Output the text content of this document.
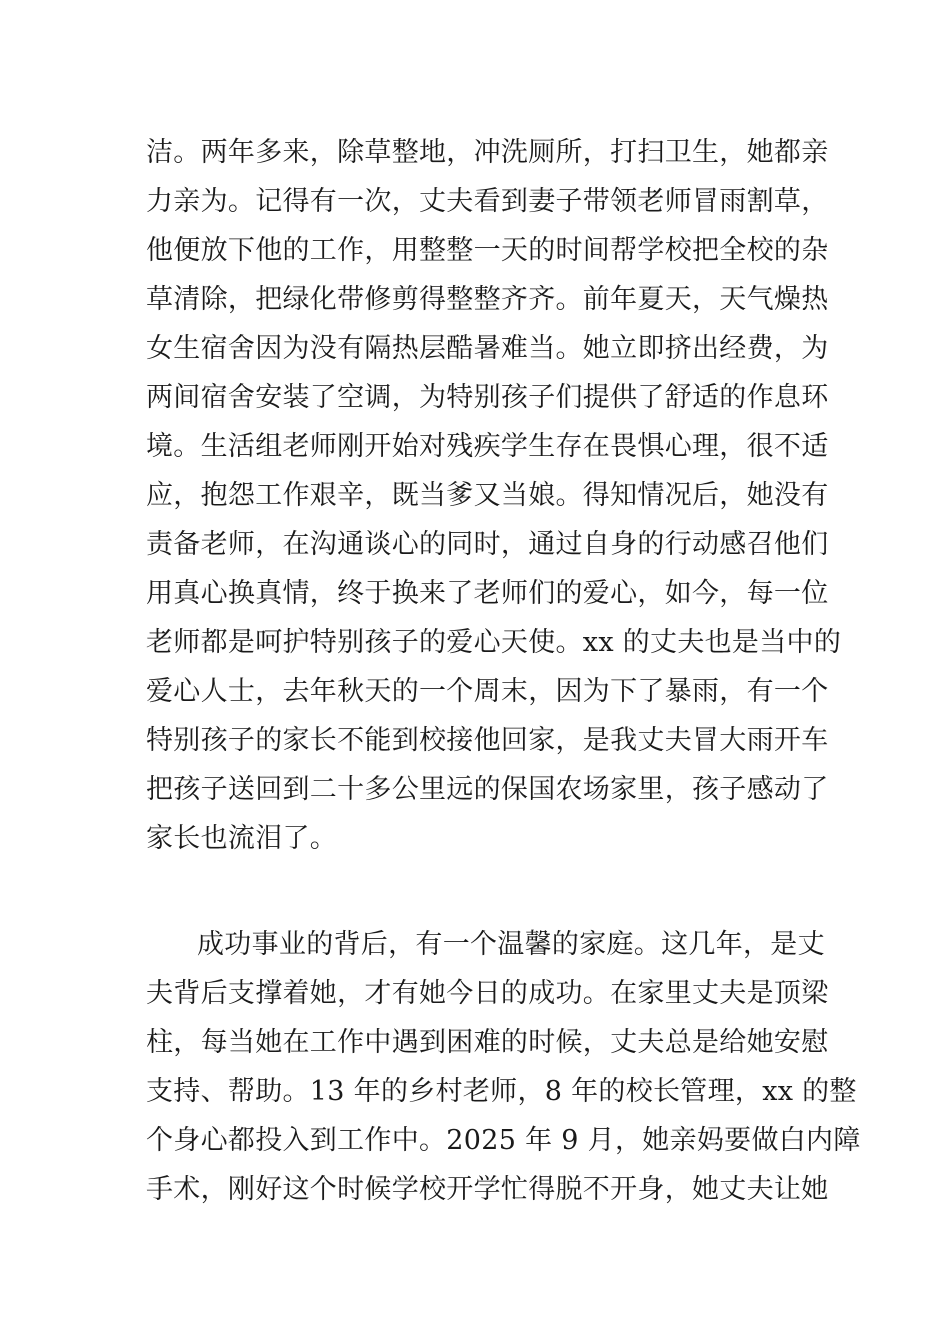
洁。两年多来，除草整地，冲洗厕所，打扫卫生，她都亲
力亲为。记得有一次，丈夫看到妻子带领老师冒雨割草，
他便放下他的工作，用整整一天的时间帮学校把全校的杂
草清除，把绿化带修剪得整整齐齐。前年夏天，天气燥热
女生宿舍因为没有隔热层酷暑难当。她立即挤出经费，为
两间宿舍安装了空调，为特别孩子们提供了舒适的作息环
境。生活组老师刚开始对残疾学生存在畏惧心理，很不适
应，抱怨工作艰辛，既当爹又当娘。得知情况后，她没有
责备老师，在沟通谈心的同时，通过自身的行动感召他们
用真心换真情，终于换来了老师们的爱心，如今，每一位
老师都是呵护特别孩子的爱心天使。xx 的丈夫也是当中的
爱心人士，去年秋天的一个周末，因为下了暴雨，有一个
特别孩子的家长不能到校接他回家，是我丈夫冒大雨开车
把孩子送回到二十多公里远的保国农场家里，孩子感动了
家长也流泪了。
成功事业的背后，有一个温馨的家庭。这几年，是丈
夫背后支撑着她，才有她今日的成功。在家里丈夫是顶梁
柱，每当她在工作中遇到困难的时候，丈夫总是给她安慰
支持、帮助。13 年的乡村老师，8 年的校长管理，xx 的整
个身心都投入到工作中。2025 年 9 月，她亲妈要做白内障
手术，刚好这个时候学校开学忙得脱不开身，她丈夫让她
